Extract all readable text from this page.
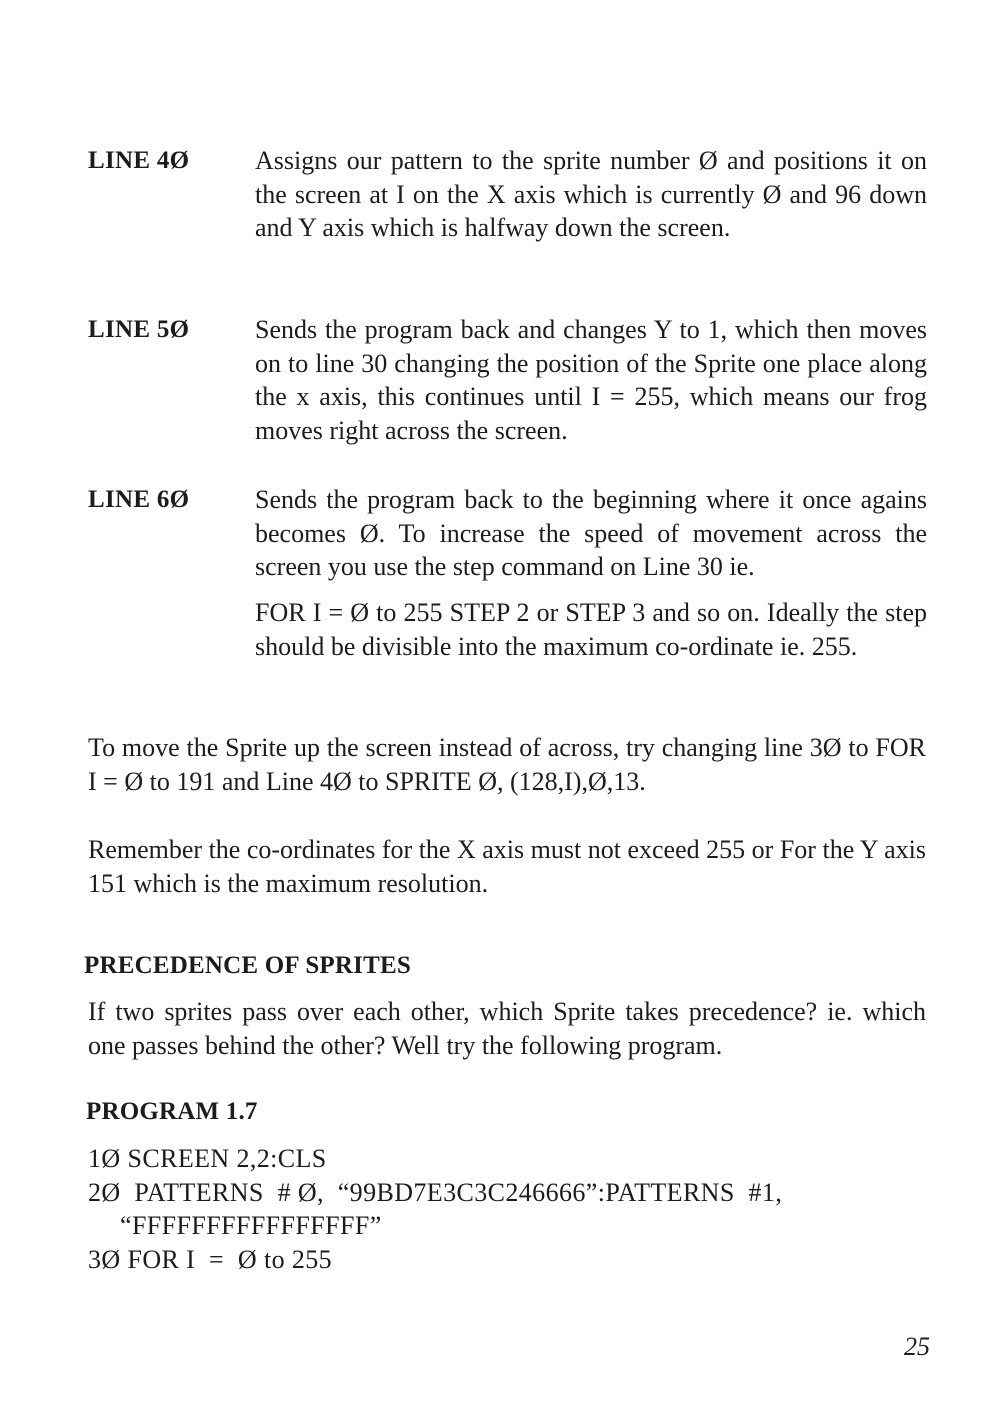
LINE 4Ø	Assigns our pattern to the sprite number Ø and positions it on the screen at I on the X axis which is currently Ø and 96 down and Y axis which is halfway down the screen.
LINE 5Ø	Sends the program back and changes Y to 1, which then moves on to line 30 changing the position of the Sprite one place along the x axis, this continues until I = 255, which means our frog moves right across the screen.
LINE 6Ø	Sends the program back to the beginning where it once agains becomes Ø. To increase the speed of movement across the screen you use the step command on Line 30 ie.
FOR I = Ø to 255 STEP 2 or STEP 3 and so on. Ideally the step should be divisible into the maximum co-ordinate ie. 255.
To move the Sprite up the screen instead of across, try changing line 3Ø to FOR I = Ø to 191 and Line 4Ø to SPRITE Ø, (128,I),Ø,13.
Remember the co-ordinates for the X axis must not exceed 255 or For the Y axis 151 which is the maximum resolution.
PRECEDENCE OF SPRITES
If two sprites pass over each other, which Sprite takes precedence? ie. which one passes behind the other? Well try the following program.
PROGRAM 1.7
1Ø SCREEN 2,2:CLS
2Ø  PATTERNS  # Ø,  “99BD7E3C3C246666”:PATTERNS  #1,
“FFFFFFFFFFFFFFFF”
3Ø FOR I  =  Ø to 255
25
